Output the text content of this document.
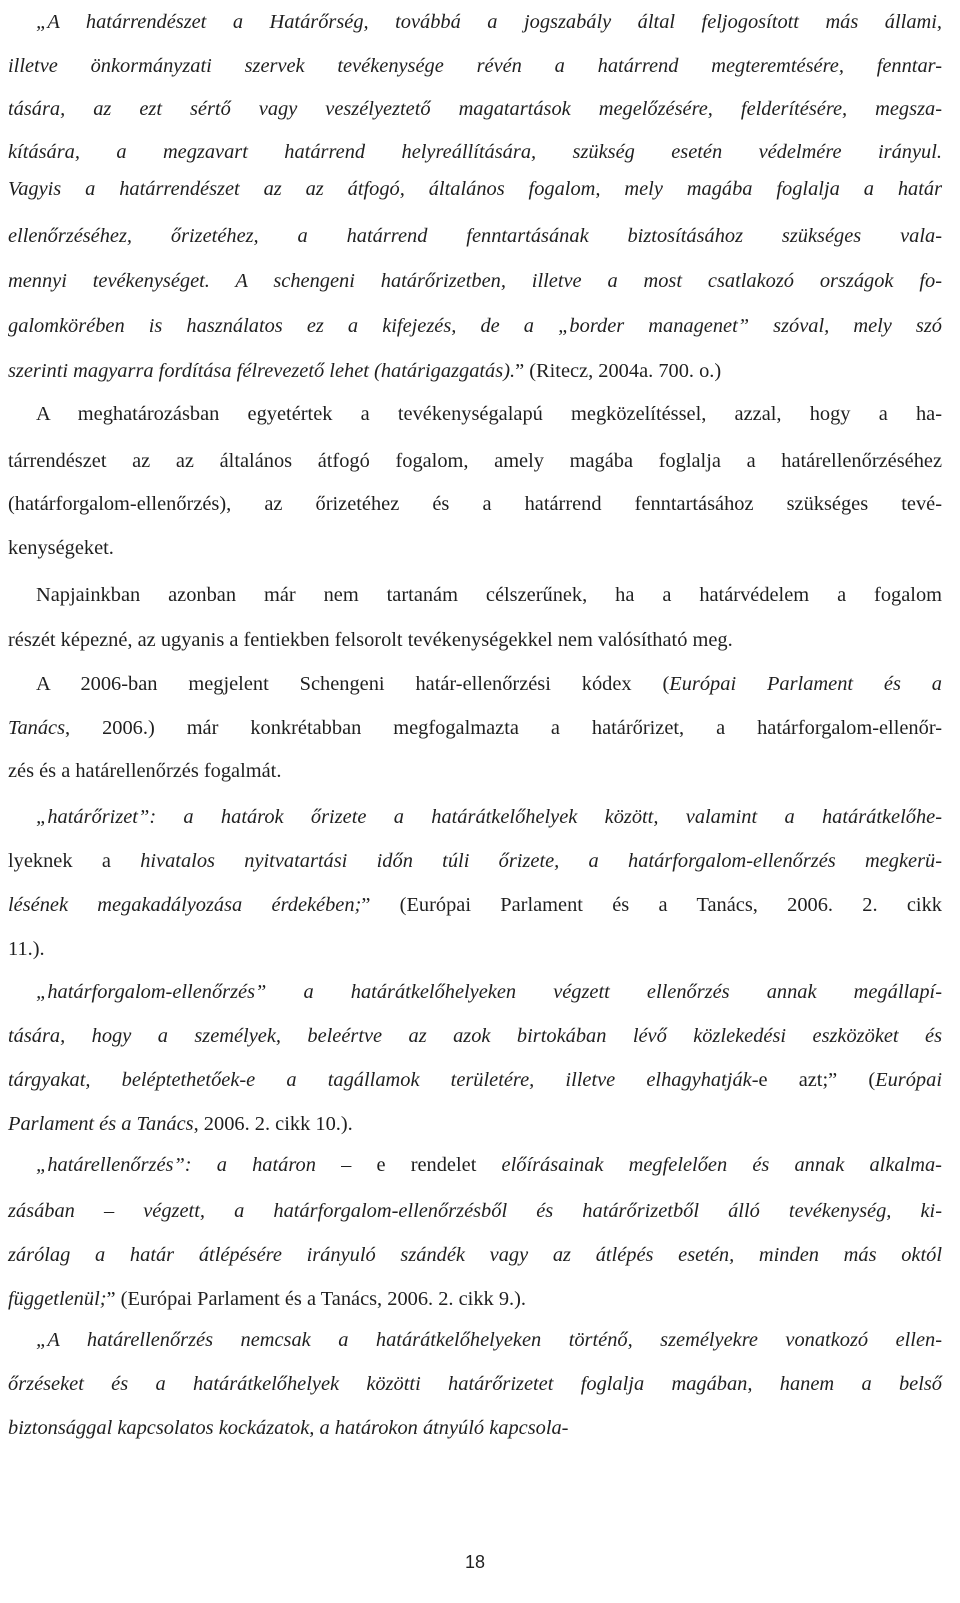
„A határrendészet a Határőrség, továbbá a jogszabály által feljogosított más állami,
illetve önkormányzati szervek tevékenysége révén a határrend megteremtésére, fenntar-
tására, az ezt sértő vagy veszélyeztető magatartások megelőzésére, felderítésére, megsza-
kítására, a megzavart határrend helyreállítására, szükség esetén védelmére irányul.
Vagyis a határrendészet az az átfogó, általános fogalom, mely magába foglalja a határ
ellenőrzéséhez, őrizetéhez, a határrend fenntartásának biztosításához szükséges vala-
mennyi tevékenységet. A schengeni határőrizetben, illetve a most csatlakozó országok fo-
galomkörében is használatos ez a kifejezés, de a „border managenet” szóval, mely szó
szerinti magyarra fordítása félrevezető lehet (határigazgatás).” (Ritecz, 2004a. 700. o.)
A meghatározásban egyetértek a tevékenységalapú megközelítéssel, azzal, hogy a ha-
tárrendészet az az általános átfogó fogalom, amely magába foglalja a határellenőrzéséhez
(határforgalom-ellenőrzés), az őrizetéhez és a határrend fenntartásához szükséges tevé-
kenységeket.
Napjainkban azonban már nem tartanám célszerűnek, ha a határvédelem a fogalom
részét képezné, az ugyanis a fentiekben felsorolt tevékenységekkel nem valósítható meg.
A 2006-ban megjelent Schengeni határ-ellenőrzési kódex (Európai Parlament és a
Tanács, 2006.) már konkrétabban megfogalmazta a határőrizet, a határforgalom-ellenőr-
zés és a határellenőrzés fogalmát.
„határőrizet”: a határok őrizete a határátkelőhelyek között, valamint a határátkelőhe-
lyeknek a hivatalos nyitvatartási időn túli őrizete, a határforgalom-ellenőrzés megkerü-
lésének megakadályozása érdekében;” (Európai Parlament és a Tanács, 2006. 2. cikk
11.).
„határforgalom-ellenőrzés” a határátkelőhelyeken végzett ellenőrzés annak megállapí-
tására, hogy a személyek, beleértve az azok birtokában lévő közlekedési eszközöket és
tárgyakat, beléptethetőek-e a tagállamok területére, illetve elhagyhatják-e azt;” (Európai
Parlament és a Tanács, 2006. 2. cikk 10.).
„határellenőrzés”: a határon – e rendelet előírásainak megfelelően és annak alkalma-
zásában – végzett, a határforgalom-ellenőrzésből és határőrizetből álló tevékenység, ki-
zárólag a határ átlépésére irányuló szándék vagy az átlépés esetén, minden más októl
függetlenül;” (Európai Parlament és a Tanács, 2006. 2. cikk 9.).
„A határellenőrzés nemcsak a határátkelőhelyeken történő, személyekre vonatkozó ellen-
őrzéseket és a határátkelőhelyek közötti határőrizetet foglalja magában, hanem a belső
biztonsággal kapcsolatos kockázatok, a határokon átnyúló kapcsola-
18
